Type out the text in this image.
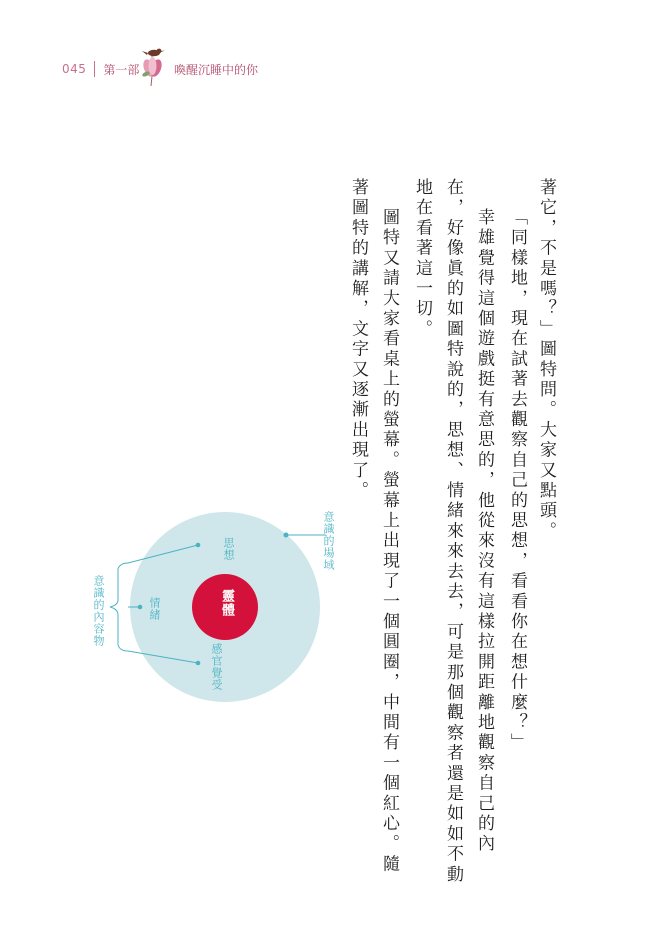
045 第一部	喚醒沉睡中的你
著它，不是嗎？」圖特問。大家又點頭。
「同樣地，現在試著去觀察自己的思想，看看你在想什麼？」
幸雄覺得這個遊戲挺有意思的，他從來沒有這樣拉開距離地觀察自己的內
在，好像眞的如圖特說的，思想、情緒來來去去，可是那個觀察者還是如如不動
地在看著這一切。
圖特又請大家看桌上的螢幕。螢幕上出現了一個圓圈，中間有一個紅心。隨
著圖特的講解，文字又逐漸出現了。
靈體
意識的場域
意識的內容物
思想
情緒
感官覺受
